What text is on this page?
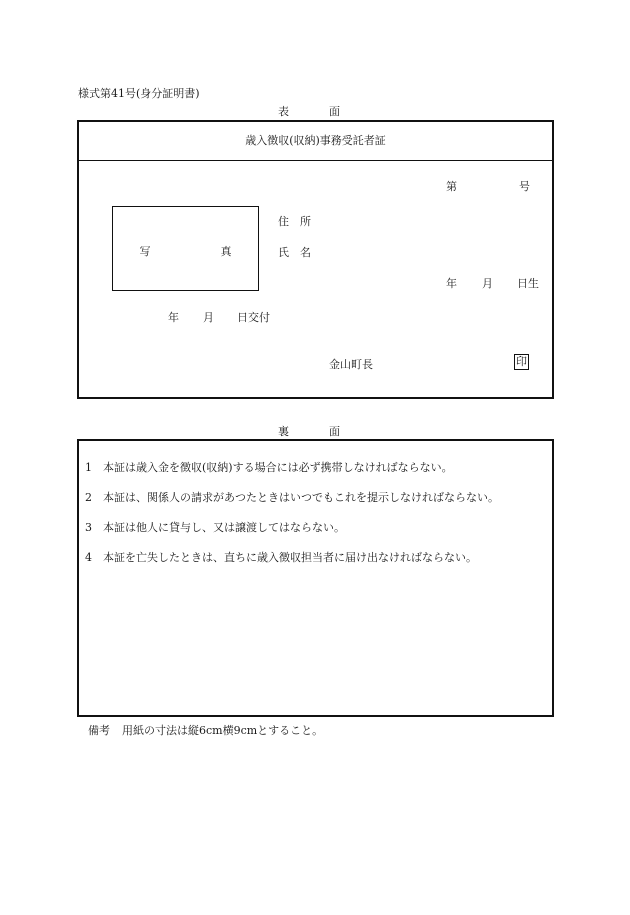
様式第41号(身分証明書)
表	面
歳入徴収(収納)事務受託者証
第	号
写	真
住 所
氏 名
年 月 日生
年 月 日交付
金山町長	印
裏	面
1 本証は歳入金を徴収(収納)する場合には必ず携帯しなければならない。
2 本証は、関係人の請求があつたときはいつでもこれを提示しなければならない。
3 本証は他人に貸与し、又は譲渡してはならない。
4 本証を亡失したときは、直ちに歳入徴収担当者に届け出なければならない。
備考 用紙の寸法は縦6cm横9cmとすること。
